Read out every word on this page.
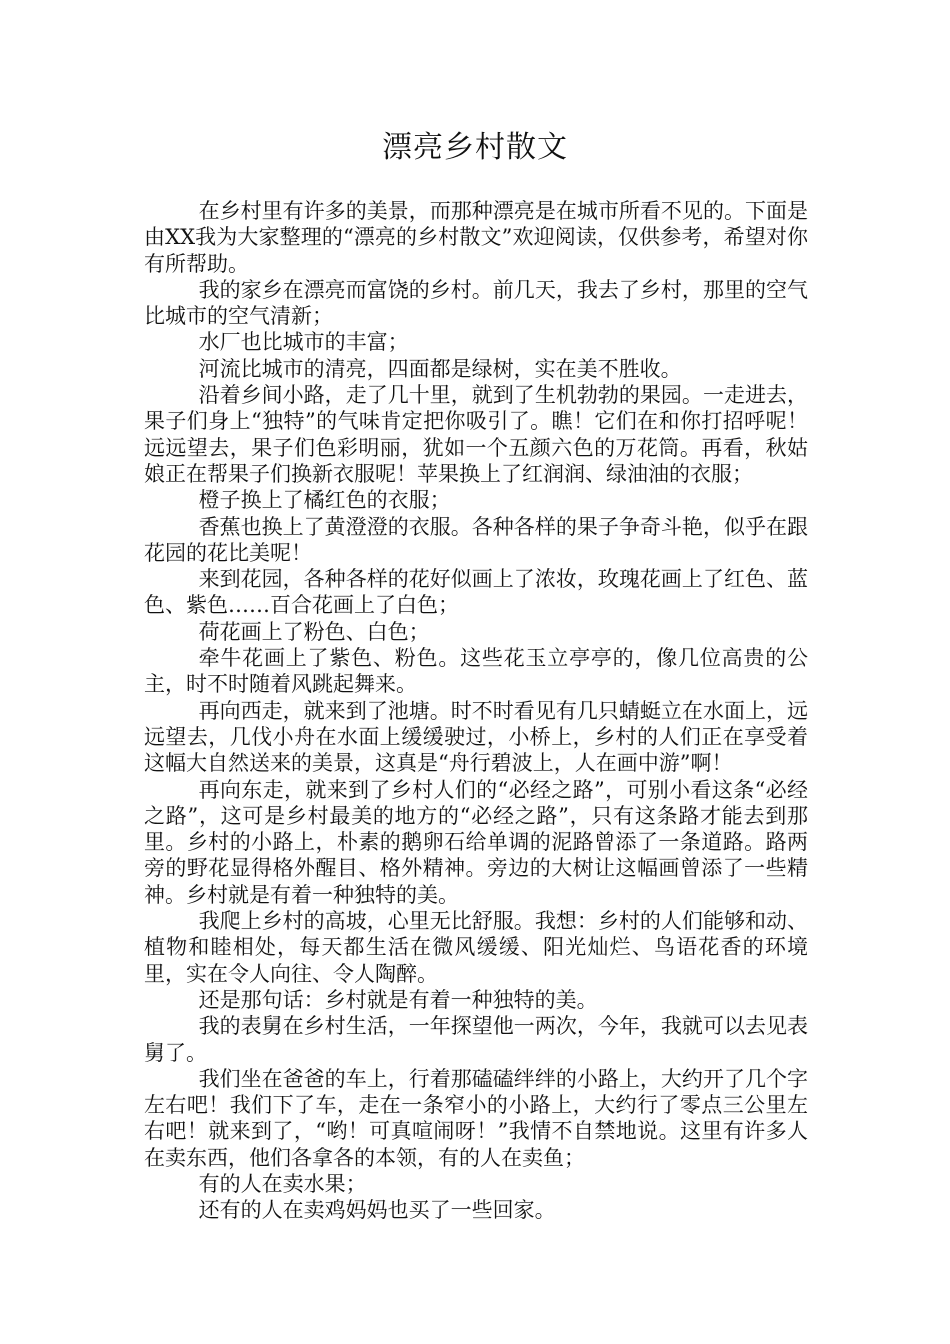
漂亮乡村散文

在乡村里有许多的美景，而那种漂亮是在城市所看不见的。下面是由XX我为大家整理的“漂亮的乡村散文”欢迎阅读，仅供参考，希望对你有所帮助。

我的家乡在漂亮而富饶的乡村。前几天，我去了乡村，那里的空气比城市的空气清新；

水厂也比城市的丰富；

河流比城市的清亮，四面都是绿树，实在美不胜收。

沿着乡间小路，走了几十里，就到了生机勃勃的果园。一走进去，果子们身上“独特”的气味肯定把你吸引了。瞧！它们在和你打招呼呢！远远望去，果子们色彩明丽，犹如一个五颜六色的万花筒。再看，秋姑娘正在帮果子们换新衣服呢！苹果换上了红润润、绿油油的衣服；

橙子换上了橘红色的衣服；

香蕉也换上了黄澄澄的衣服。各种各样的果子争奇斗艳，似乎在跟花园的花比美呢！

来到花园，各种各样的花好似画上了浓妆，玫瑰花画上了红色、蓝色、紫色……百合花画上了白色；

荷花画上了粉色、白色；

牵牛花画上了紫色、粉色。这些花玉立亭亭的，像几位高贵的公主，时不时随着风跳起舞来。

再向西走，就来到了池塘。时不时看见有几只蜻蜓立在水面上，远远望去，几伐小舟在水面上缓缓驶过，小桥上，乡村的人们正在享受着这幅大自然送来的美景，这真是“舟行碧波上，人在画中游”啊！

再向东走，就来到了乡村人们的“必经之路”，可别小看这条“必经之路”，这可是乡村最美的地方的“必经之路”，只有这条路才能去到那里。乡村的小路上，朴素的鹅卵石给单调的泥路曾添了一条道路。路两旁的野花显得格外醒目、格外精神。旁边的大树让这幅画曾添了一些精神。乡村就是有着一种独特的美。

我爬上乡村的高坡，心里无比舒服。我想：乡村的人们能够和动、植物和睦相处，每天都生活在微风缓缓、阳光灿烂、鸟语花香的环境里，实在令人向往、令人陶醉。

还是那句话：乡村就是有着一种独特的美。

我的表舅在乡村生活，一年探望他一两次，今年，我就可以去见表舅了。

我们坐在爸爸的车上，行着那磕磕绊绊的小路上，大约开了几个字左右吧！我们下了车，走在一条窄小的小路上，大约行了零点三公里左右吧！就来到了，“哟！可真喧闹呀！”我情不自禁地说。这里有许多人在卖东西，他们各拿各的本领，有的人在卖鱼；

有的人在卖水果；

还有的人在卖鸡妈妈也买了一些回家。
